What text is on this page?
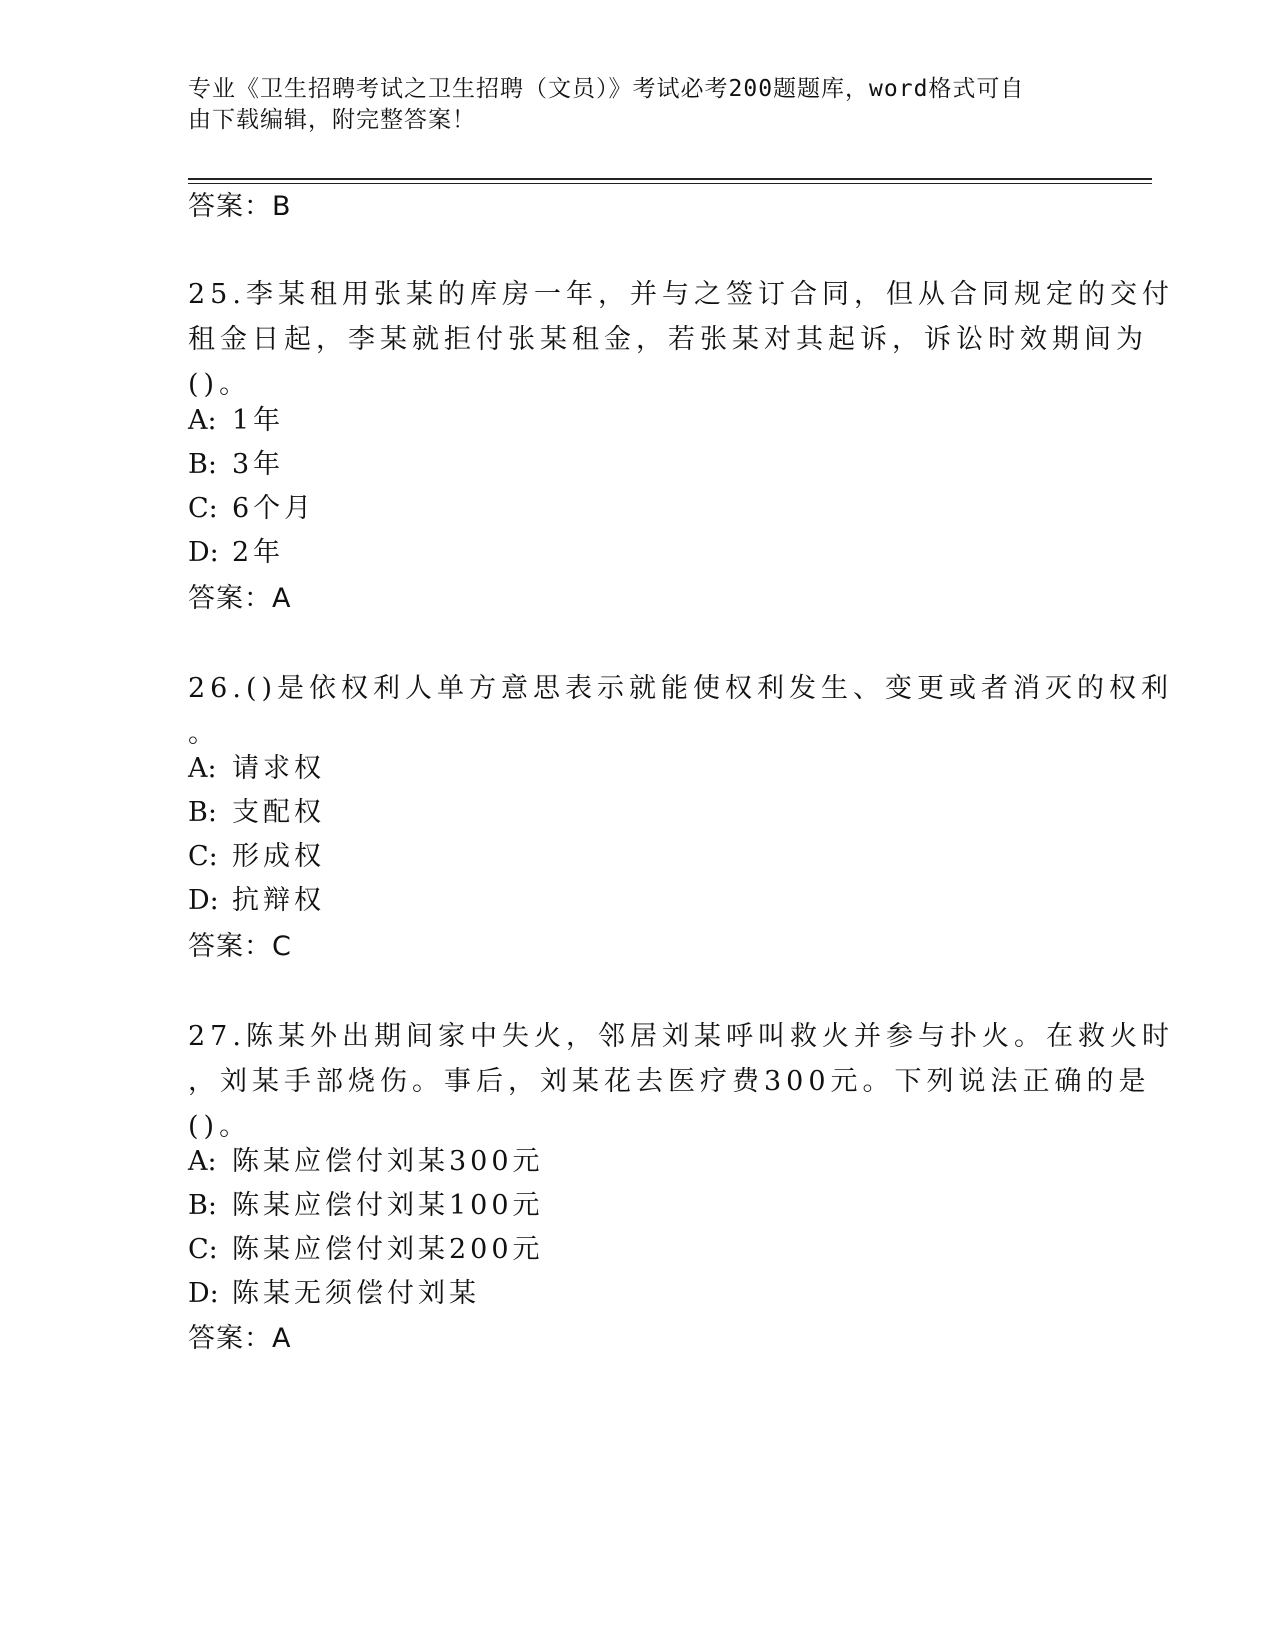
专业《卫生招聘考试之卫生招聘（文员）》考试必考200题题库，word格式可自
由下载编辑，附完整答案！
答案：B
25.李某租用张某的库房一年，并与之签订合同，但从合同规定的交付
租金日起，李某就拒付张某租金，若张某对其起诉，诉讼时效期间为
()。
A: 1年
B: 3年
C: 6个月
D: 2年
答案：A
26.()是依权利人单方意思表示就能使权利发生、变更或者消灭的权利
。
A: 请求权
B: 支配权
C: 形成权
D: 抗辩权
答案：C
27.陈某外出期间家中失火，邻居刘某呼叫救火并参与扑火。在救火时
，刘某手部烧伤。事后，刘某花去医疗费300元。下列说法正确的是
()。
A: 陈某应偿付刘某300元
B: 陈某应偿付刘某100元
C: 陈某应偿付刘某200元
D: 陈某无须偿付刘某
答案：A
